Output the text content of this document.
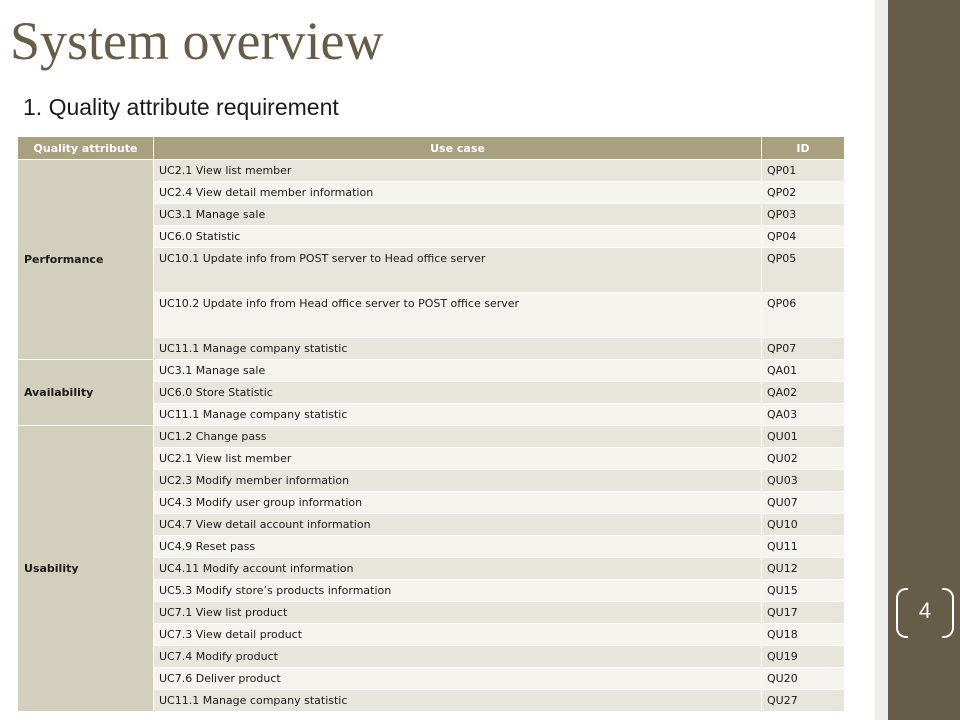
System overview
1. Quality attribute requirement
Quality attribute	Use case	ID
Performance	UC2.1 View list member	QP01
	UC2.4 View detail member information	QP02
	UC3.1 Manage sale	QP03
	UC6.0 Statistic	QP04
	UC10.1 Update info from POST server to Head office server	QP05
	UC10.2 Update info from Head office server to POST office server	QP06
	UC11.1 Manage company statistic	QP07
Availability	UC3.1 Manage sale	QA01
	UC6.0 Store Statistic	QA02
	UC11.1 Manage company statistic	QA03
Usability	UC1.2 Change pass	QU01
	UC2.1 View list member	QU02
	UC2.3 Modify member information	QU03
	UC4.3 Modify user group information	QU07
	UC4.7 View detail account information	QU10
	UC4.9 Reset pass	QU11
	UC4.11 Modify account information	QU12
	UC5.3 Modify store’s products information	QU15
	UC7.1 View list product	QU17
	UC7.3 View detail product	QU18
	UC7.4 Modify product	QU19
	UC7.6 Deliver product	QU20
	UC11.1 Manage company statistic	QU27
4
